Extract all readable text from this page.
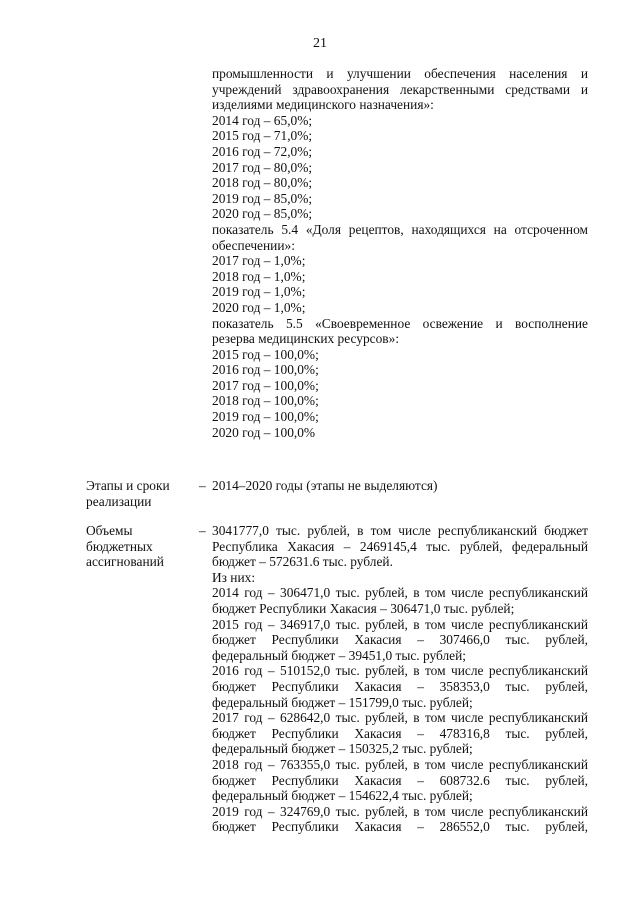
21
промышленности и улучшении обеспечения населения и
учреждений здравоохранения лекарственными средствами и
изделиями медицинского назначения»:
2014 год – 65,0%;
2015 год – 71,0%;
2016 год – 72,0%;
2017 год – 80,0%;
2018 год – 80,0%;
2019 год – 85,0%;
2020 год – 85,0%;
показатель 5.4 «Доля рецептов, находящихся на отсроченном
обеспечении»:
2017 год – 1,0%;
2018 год – 1,0%;
2019 год – 1,0%;
2020 год – 1,0%;
показатель 5.5 «Своевременное освежение и восполнение
резерва медицинских ресурсов»:
2015 год – 100,0%;
2016 год – 100,0%;
2017 год – 100,0%;
2018 год – 100,0%;
2019 год – 100,0%;
2020 год – 100,0%
Этапы и сроки
реализации
– 2014–2020 годы (этапы не выделяются)
Объемы
бюджетных
ассигнований
– 3041777,0 тыс. рублей, в том числе республиканский бюджет
Республика Хакасия – 2469145,4 тыс. рублей, федеральный
бюджет – 572631.6 тыс. рублей.
Из них:
2014 год – 306471,0 тыс. рублей, в том числе республиканский
бюджет Республики Хакасия – 306471,0 тыс. рублей;
2015 год – 346917,0 тыс. рублей, в том числе республиканский
бюджет Республики Хакасия – 307466,0 тыс. рублей,
федеральный бюджет – 39451,0 тыс. рублей;
2016 год – 510152,0 тыс. рублей, в том числе республиканский
бюджет Республики Хакасия – 358353,0 тыс. рублей,
федеральный бюджет – 151799,0 тыс. рублей;
2017 год – 628642,0 тыс. рублей, в том числе республиканский
бюджет Республики Хакасия – 478316,8 тыс. рублей,
федеральный бюджет – 150325,2 тыс. рублей;
2018 год – 763355,0 тыс. рублей, в том числе республиканский
бюджет Республики Хакасия – 608732.6 тыс. рублей,
федеральный бюджет – 154622,4 тыс. рублей;
2019 год – 324769,0 тыс. рублей, в том числе республиканский
бюджет Республики Хакасия – 286552,0 тыс. рублей,
